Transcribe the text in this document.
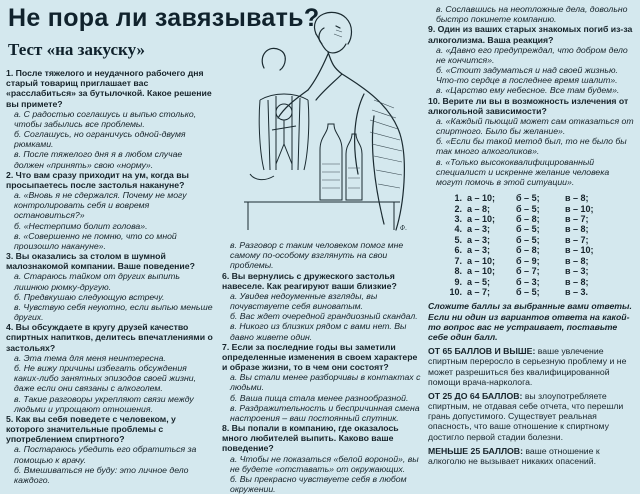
Не пора ли завязывать?
Тест «на закуску»

1. После тяжелого и неудачного рабочего дня старый товарищ приглашает вас «расслабиться» за бутылочкой. Какое решение вы примете?

а. С радостью соглашусь и выпью столько, чтобы забылись все проблемы.

б. Соглашусь, но ограничусь одной-двумя рюмками.

в. После тяжелого дня я в любом случае должен «принять» свою «норму».

2. Что вам сразу приходит на ум, когда вы просыпаетесь после застолья накануне?

а. «Вновь я не сдержался. Почему не могу контролировать себя и вовремя остановиться?»

б. «Нестерпимо болит голова».

в. «Совершенно не помню, что со мной произошло накануне».

3. Вы оказались за столом в шумной малознакомой компании. Ваше поведение?

а. Стараюсь тайком от других выпить лишнюю рюмку-другую.

б. Предвкушаю следующую встречу.

в. Чувствую себя неуютно, если выпью меньше других.

4. Вы обсуждаете в кругу друзей качество спиртных напитков, делитесь впечатлениями о застольях?

а. Эта тема для меня неинтересна.

б. Не вижу причины избегать обсуждения каких-либо занятных эпизодов своей жизни, даже если они связаны с алкоголем.

в. Такие разговоры укрепляют связи между людьми и упрощают отношения.

5. Как вы себя поведете с человеком, у которого значительные проблемы с употреблением спиртного?

а. Постараюсь убедить его обратиться за помощью к врачу.

б. Вмешиваться не буду: это личное дело каждого.

Ф.

в. Разговор с таким человеком помог мне самому по-особому взглянуть на свои проблемы.

6. Вы вернулись с дружеского застолья навеселе. Как реагируют ваши близкие?

а. Увидев недоуменные взгляды, вы почувствуете себя виноватым.

б. Вас ждет очередной грандиозный скандал.

в. Никого из близких рядом с вами нет. Вы давно живете один.

7. Если за последние годы вы заметили определенные изменения в своем характере и образе жизни, то в чем они состоят?

а. Вы стали менее разборчивы в контактах с людьми.

б. Ваша пища стала менее разнообразной.

в. Раздражительность и беспричинная смена настроения – ваш постоянный спутник.

8. Вы попали в компанию, где оказалось много любителей выпить. Каково ваше поведение?

а. Чтобы не показаться «белой вороной», вы не будете «отставать» от окружающих.

б. Вы прекрасно чувствуете себя в любом окружении.

в. Сославшись на неотложные дела, довольно быстро покинете компанию.

9. Один из ваших старых знакомых погиб из-за алкоголизма. Ваша реакция?

а. «Давно его предупреждал, что добром дело не кончится».

б. «Стоит задуматься и над своей жизнью. Что-то сердце в последнее время шалит».

в. «Царство ему небесное. Все там будем».

10. Верите ли вы в возможность излечения от алкогольной зависимости?

а. «Каждый пьющий может сам отказаться от спиртного. Было бы желание».

б. «Если бы такой метод был, то не было бы так много алкоголиков».

в. «Только высококвалифицированный специалист и искренне желание человека могут помочь в этой ситуации».

1.	а – 10;	б – 5;	в – 8;
2.	а – 8;	б – 5;	в – 10;
3.	а – 10;	б – 8;	в – 7;
4.	а – 3;	б – 5;	в – 8;
5.	а – 3;	б – 5;	в – 7;
6.	а – 3;	б – 8;	в – 10;
7.	а – 10;	б – 9;	в – 8;
8.	а – 10;	б – 7;	в – 3;
9.	а – 5;	б – 3;	в – 8;
10.	а – 7;	б – 5;	в – 3.

Сложите баллы за выбранные вами ответы. Если ни один из вариантов ответа на какой-то вопрос вас не устраивает, поставьте себе один балл.

ОТ 65 БАЛЛОВ И ВЫШЕ: ваше увлечение спиртным переросло в серьезную проблему и не может разрешиться без квалифицированной помощи врача-нарколога.

ОТ 25 ДО 64 БАЛЛОВ: вы злоупотребляете спиртным, не отдавая себе отчета, что перешли грань допустимого. Существует реальная опасность, что ваше отношение к спиртному достигло первой стадии болезни.

МЕНЬШЕ 25 БАЛЛОВ: ваше отношение к алкоголю не вызывает никаких опасений.
